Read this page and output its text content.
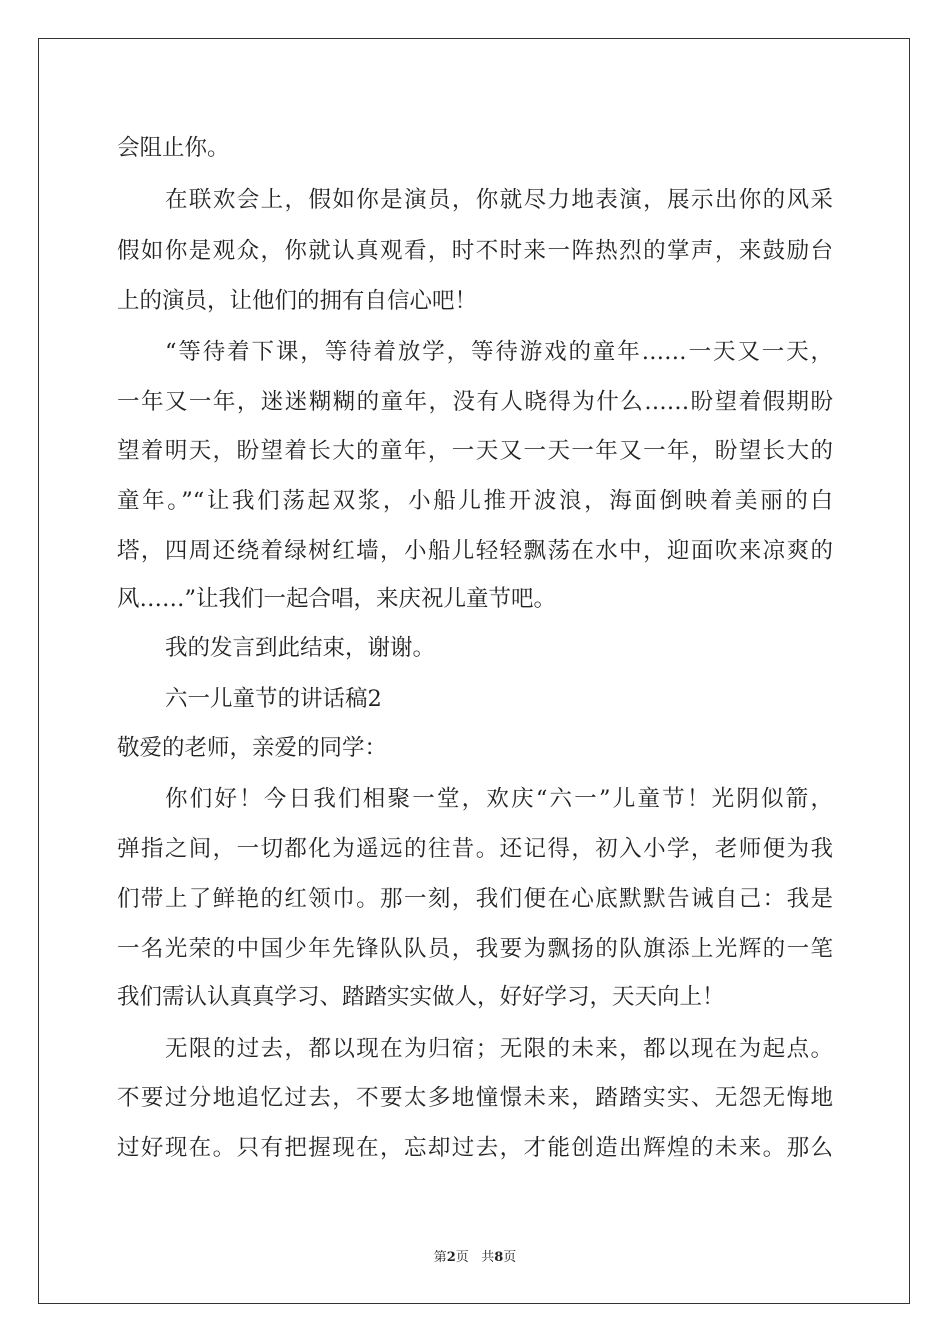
会阻止你。
在联欢会上，假如你是演员，你就尽力地表演，展示出你的风采
假如你是观众，你就认真观看，时不时来一阵热烈的掌声，来鼓励台
上的演员，让他们的拥有自信心吧！
“等待着下课，等待着放学，等待游戏的童年……一天又一天，
一年又一年，迷迷糊糊的童年，没有人晓得为什么……盼望着假期盼
望着明天，盼望着长大的童年，一天又一天一年又一年，盼望长大的
童年。”“让我们荡起双浆，小船儿推开波浪，海面倒映着美丽的白
塔，四周还绕着绿树红墙，小船儿轻轻飘荡在水中，迎面吹来凉爽的
风……”让我们一起合唱，来庆祝儿童节吧。
我的发言到此结束，谢谢。
六一儿童节的讲话稿2
敬爱的老师，亲爱的同学：
你们好！今日我们相聚一堂，欢庆“六一”儿童节！光阴似箭，
弹指之间，一切都化为遥远的往昔。还记得，初入小学，老师便为我
们带上了鲜艳的红领巾。那一刻，我们便在心底默默告诫自己：我是
一名光荣的中国少年先锋队队员，我要为飘扬的队旗添上光辉的一笔
我们需认认真真学习、踏踏实实做人，好好学习，天天向上！
无限的过去，都以现在为归宿；无限的未来，都以现在为起点。
不要过分地追忆过去，不要太多地憧憬未来，踏踏实实、无怨无悔地
过好现在。只有把握现在，忘却过去，才能创造出辉煌的未来。那么
第2页 共8页
